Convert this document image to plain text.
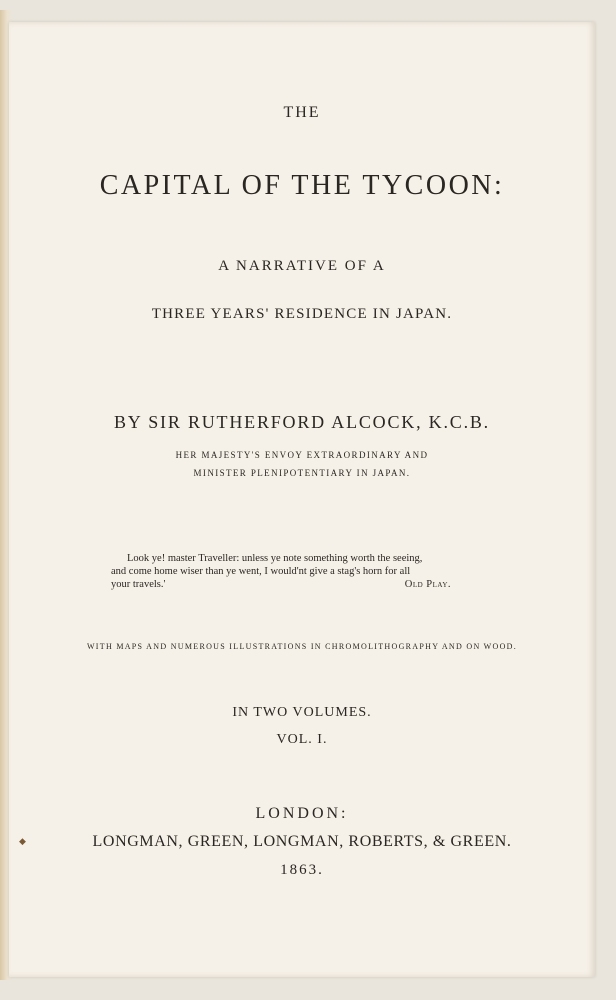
THE
CAPITAL OF THE TYCOON:
A NARRATIVE OF A
THREE YEARS' RESIDENCE IN JAPAN.
BY SIR RUTHERFORD ALCOCK, K.C.B.
HER MAJESTY'S ENVOY EXTRAORDINARY AND
MINISTER PLENIPOTENTIARY IN JAPAN.

Look ye! master Traveller: unless ye note something worth the seeing,

and come home wiser than ye went, I would'nt give a stag's horn for all

your travels.'	Old Play.

WITH MAPS AND NUMEROUS ILLUSTRATIONS IN CHROMOLITHOGRAPHY AND ON WOOD.
IN TWO VOLUMES.
VOL. I.
LONDON:
LONGMAN, GREEN, LONGMAN, ROBERTS, & GREEN.
1863.
◆
